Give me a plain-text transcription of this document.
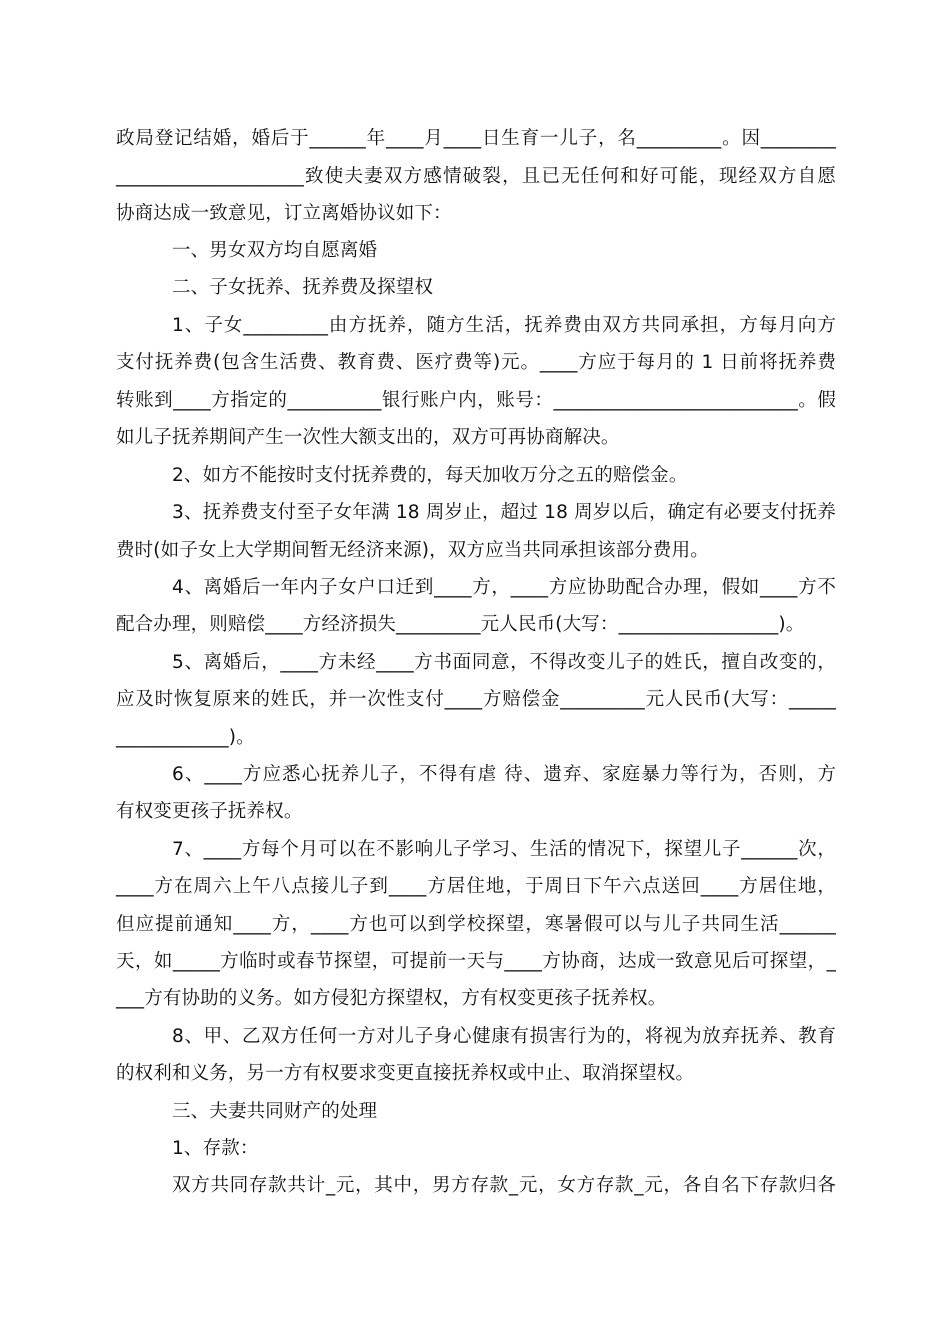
政局登记结婚，婚后于______年____月____日生育一儿子，名_________。因________
____________________致使夫妻双方感情破裂，且已无任何和好可能，现经双方自愿
协商达成一致意见，订立离婚协议如下：
一、男女双方均自愿离婚
二、子女抚养、抚养费及探望权
1、子女_________由方抚养，随方生活，抚养费由双方共同承担，方每月向方
支付抚养费(包含生活费、教育费、医疗费等)元。____方应于每月的 1 日前将抚养费
转账到____方指定的__________银行账户内，账号：__________________________。假
如儿子抚养期间产生一次性大额支出的，双方可再协商解决。
2、如方不能按时支付抚养费的，每天加收万分之五的赔偿金。
3、抚养费支付至子女年满 18 周岁止，超过 18 周岁以后，确定有必要支付抚养
费时(如子女上大学期间暂无经济来源)，双方应当共同承担该部分费用。
4、离婚后一年内子女户口迁到____方，____方应协助配合办理，假如____方不
配合办理，则赔偿____方经济损失_________元人民币(大写：_________________)。
5、离婚后，____方未经____方书面同意，不得改变儿子的姓氏，擅自改变的，
应及时恢复原来的姓氏，并一次性支付____方赔偿金_________元人民币(大写：_____
____________)。
6、____方应悉心抚养儿子，不得有虐 待、遗弃、家庭暴力等行为，否则，方
有权变更孩子抚养权。
7、____方每个月可以在不影响儿子学习、生活的情况下，探望儿子______次，
____方在周六上午八点接儿子到____方居住地，于周日下午六点送回____方居住地，
但应提前通知____方，____方也可以到学校探望，寒暑假可以与儿子共同生活______
天，如_____方临时或春节探望，可提前一天与____方协商，达成一致意见后可探望，_
___方有协助的义务。如方侵犯方探望权，方有权变更孩子抚养权。
8、甲、乙双方任何一方对儿子身心健康有损害行为的，将视为放弃抚养、教育
的权利和义务，另一方有权要求变更直接抚养权或中止、取消探望权。
三、夫妻共同财产的处理
1、存款：
双方共同存款共计_元，其中，男方存款_元，女方存款_元，各自名下存款归各
